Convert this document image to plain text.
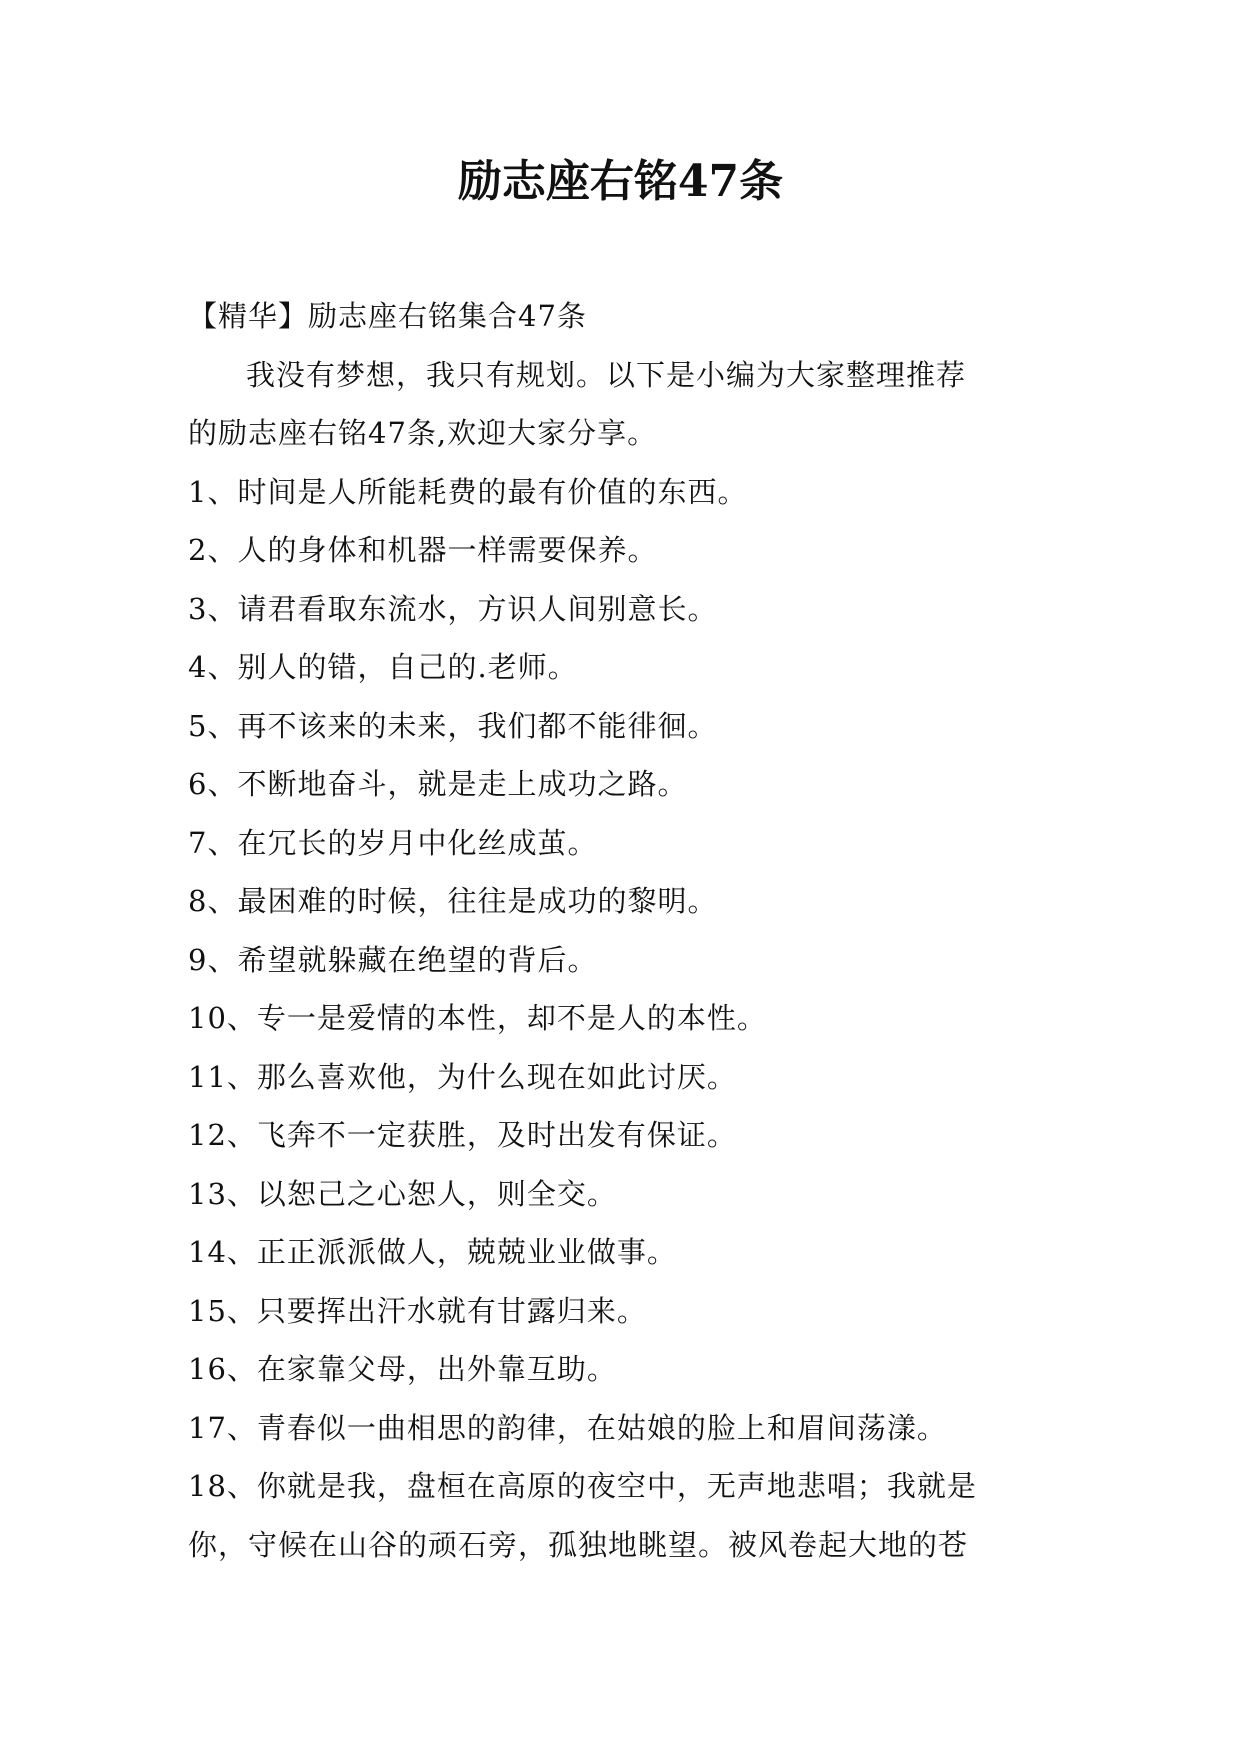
励志座右铭47条

【精华】励志座右铭集合47条

我没有梦想，我只有规划。以下是小编为大家整理推荐

的励志座右铭47条,欢迎大家分享。

1、时间是人所能耗费的最有价值的东西。

2、人的身体和机器一样需要保养。

3、请君看取东流水，方识人间别意长。

4、别人的错，自己的.老师。

5、再不该来的未来，我们都不能徘徊。

6、不断地奋斗，就是走上成功之路。

7、在冗长的岁月中化丝成茧。

8、最困难的时候，往往是成功的黎明。

9、希望就躲藏在绝望的背后。

10、专一是爱情的本性，却不是人的本性。

11、那么喜欢他，为什么现在如此讨厌。

12、飞奔不一定获胜，及时出发有保证。

13、以恕己之心恕人，则全交。

14、正正派派做人，兢兢业业做事。

15、只要挥出汗水就有甘露归来。

16、在家靠父母，出外靠互助。

17、青春似一曲相思的韵律，在姑娘的脸上和眉间荡漾。

18、你就是我，盘桓在高原的夜空中，无声地悲唱；我就是

你，守候在山谷的顽石旁，孤独地眺望。被风卷起大地的苍
